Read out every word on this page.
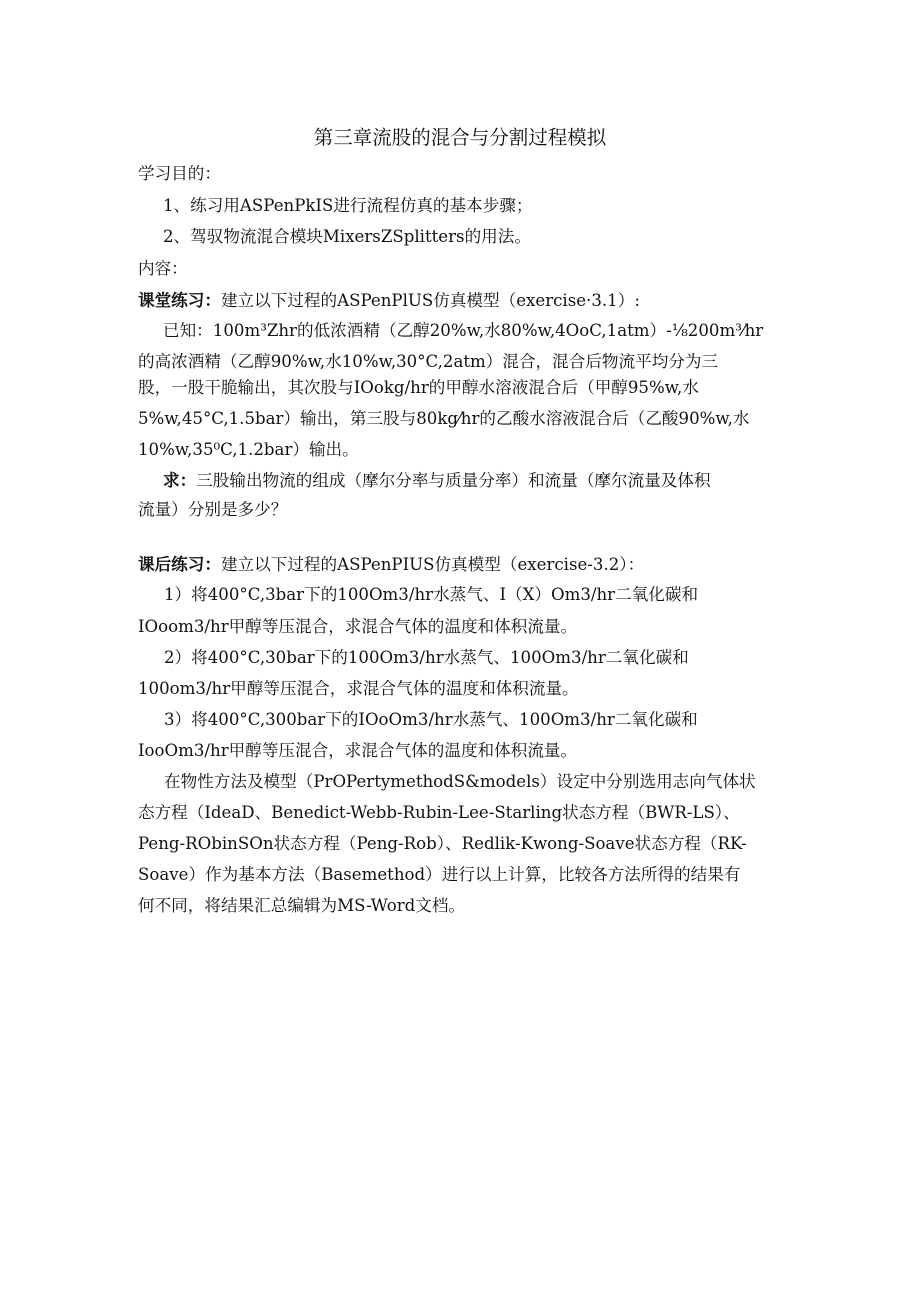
第三章流股的混合与分割过程模拟
学习目的：
1、练习用ASPenPkIS进行流程仿真的基本步骤；
2、驾驭物流混合模块MixersZSplitters的用法。
内容：
课堂练习：建立以下过程的ASPenPlUS仿真模型（exercise·3.1）:
已知：100m³Zhr的低浓酒精（乙醇20%w,水80%w,4OoC,1atm）-⅛200m³⁄hr
的高浓酒精（乙醇90%w,水10%w,30°C,2atm）混合，混合后物流平均分为三
股，一股干脆输出，其次股与IOokg/hr的甲醇水溶液混合后（甲醇95%w,水
5%w,45°C,1.5bar）输出，第三股与80kg⁄hr的乙酸水溶液混合后（乙酸90%w,水
10%w,35⁰C,1.2bar）输出。
求：三股输出物流的组成（摩尔分率与质量分率）和流量（摩尔流量及体积
流量）分别是多少？
课后练习：建立以下过程的ASPenPIUS仿真模型（exercise-3.2）：
1）将400°C,3bar下的100Om3/hr水蒸气、I（X）Om3/hr二氧化碳和
IOoom3/hr甲醇等压混合，求混合气体的温度和体积流量。
2）将400°C,30bar下的100Om3/hr水蒸气、100Om3/hr二氧化碳和
100om3/hr甲醇等压混合，求混合气体的温度和体积流量。
3）将400°C,300bar下的IOoOm3/hr水蒸气、100Om3/hr二氧化碳和
IooOm3/hr甲醇等压混合，求混合气体的温度和体积流量。
在物性方法及模型（PrOPertymethodS&models）设定中分别选用志向气体状
态方程（IdeaD、Benedict-Webb-Rubin-Lee-Starling状态方程（BWR-LS）、
Peng-RObinSOn状态方程（Peng-Rob）、Redlik-Kwong-Soave状态方程（RK-
Soave）作为基本方法（Basemethod）进行以上计算，比较各方法所得的结果有
何不同，将结果汇总编辑为MS-Word文档。
